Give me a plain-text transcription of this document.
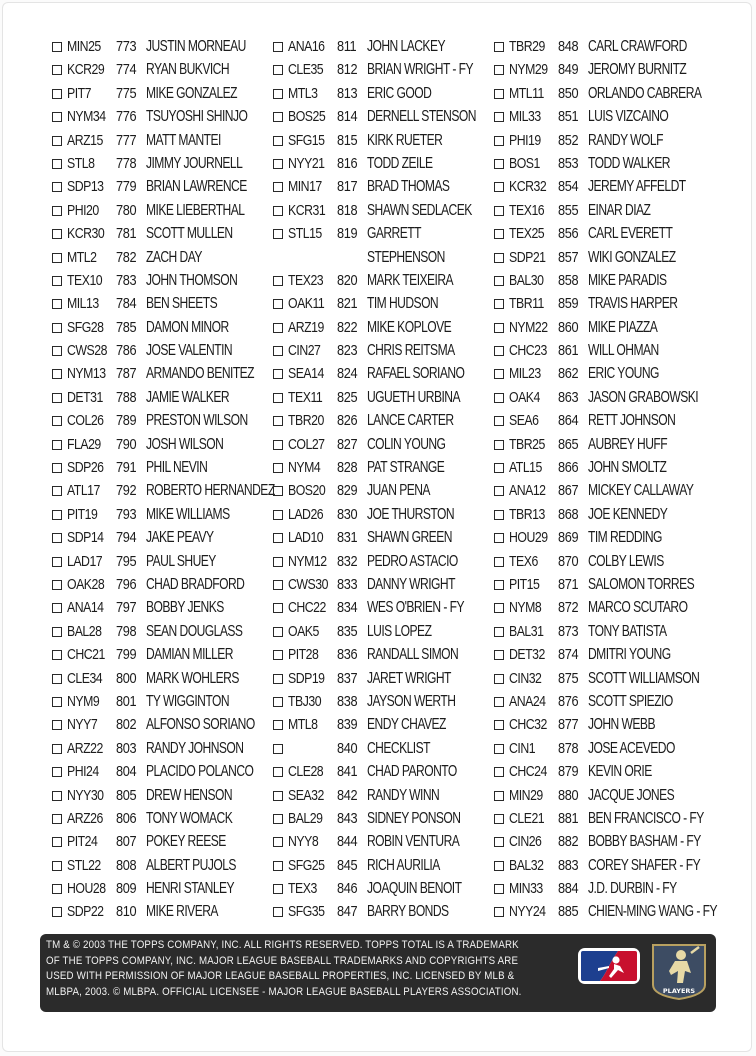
MIN25 773 JUSTIN MORNEAU
KCR29 774 RYAN BUKVICH
PIT7 775 MIKE GONZALEZ
NYM34 776 TSUYOSHI SHINJO
ARZ15 777 MATT MANTEI
STL8 778 JIMMY JOURNELL
SDP13 779 BRIAN LAWRENCE
PHI20 780 MIKE LIEBERTHAL
KCR30 781 SCOTT MULLEN
MTL2 782 ZACH DAY
TEX10 783 JOHN THOMSON
MIL13 784 BEN SHEETS
SFG28 785 DAMON MINOR
CWS28 786 JOSE VALENTIN
NYM13 787 ARMANDO BENITEZ
DET31 788 JAMIE WALKER
COL26 789 PRESTON WILSON
FLA29 790 JOSH WILSON
SDP26 791 PHIL NEVIN
ATL17 792 ROBERTO HERNANDEZ
PIT19 793 MIKE WILLIAMS
SDP14 794 JAKE PEAVY
LAD17 795 PAUL SHUEY
OAK28 796 CHAD BRADFORD
ANA14 797 BOBBY JENKS
BAL28 798 SEAN DOUGLASS
CHC21 799 DAMIAN MILLER
CLE34 800 MARK WOHLERS
NYM9 801 TY WIGGINTON
NYY7 802 ALFONSO SORIANO
ARZ22 803 RANDY JOHNSON
PHI24 804 PLACIDO POLANCO
NYY30 805 DREW HENSON
ARZ26 806 TONY WOMACK
PIT24 807 POKEY REESE
STL22 808 ALBERT PUJOLS
HOU28 809 HENRI STANLEY
SDP22 810 MIKE RIVERA
ANA16 811 JOHN LACKEY
CLE35 812 BRIAN WRIGHT - FY
MTL3 813 ERIC GOOD
BOS25 814 DERNELL STENSON
SFG15 815 KIRK RUETER
NYY21 816 TODD ZEILE
MIN17 817 BRAD THOMAS
KCR31 818 SHAWN SEDLACEK
STL15 819 GARRETT
STEPHENSON
TEX23 820 MARK TEIXEIRA
OAK11 821 TIM HUDSON
ARZ19 822 MIKE KOPLOVE
CIN27 823 CHRIS REITSMA
SEA14 824 RAFAEL SORIANO
TEX11 825 UGUETH URBINA
TBR20 826 LANCE CARTER
COL27 827 COLIN YOUNG
NYM4 828 PAT STRANGE
BOS20 829 JUAN PENA
LAD26 830 JOE THURSTON
LAD10 831 SHAWN GREEN
NYM12 832 PEDRO ASTACIO
CWS30 833 DANNY WRIGHT
CHC22 834 WES O'BRIEN - FY
OAK5 835 LUIS LOPEZ
PIT28 836 RANDALL SIMON
SDP19 837 JARET WRIGHT
TBJ30 838 JAYSON WERTH
MTL8 839 ENDY CHAVEZ
840 CHECKLIST
CLE28 841 CHAD PARONTO
SEA32 842 RANDY WINN
BAL29 843 SIDNEY PONSON
NYY8 844 ROBIN VENTURA
SFG25 845 RICH AURILIA
TEX3 846 JOAQUIN BENOIT
SFG35 847 BARRY BONDS
TBR29 848 CARL CRAWFORD
NYM29 849 JEROMY BURNITZ
MTL11 850 ORLANDO CABRERA
MIL33 851 LUIS VIZCAINO
PHI19 852 RANDY WOLF
BOS1 853 TODD WALKER
KCR32 854 JEREMY AFFELDT
TEX16 855 EINAR DIAZ
TEX25 856 CARL EVERETT
SDP21 857 WIKI GONZALEZ
BAL30 858 MIKE PARADIS
TBR11 859 TRAVIS HARPER
NYM22 860 MIKE PIAZZA
CHC23 861 WILL OHMAN
MIL23 862 ERIC YOUNG
OAK4 863 JASON GRABOWSKI
SEA6 864 RETT JOHNSON
TBR25 865 AUBREY HUFF
ATL15 866 JOHN SMOLTZ
ANA12 867 MICKEY CALLAWAY
TBR13 868 JOE KENNEDY
HOU29 869 TIM REDDING
TEX6 870 COLBY LEWIS
PIT15 871 SALOMON TORRES
NYM8 872 MARCO SCUTARO
BAL31 873 TONY BATISTA
DET32 874 DMITRI YOUNG
CIN32 875 SCOTT WILLIAMSON
ANA24 876 SCOTT SPIEZIO
CHC32 877 JOHN WEBB
CIN1 878 JOSE ACEVEDO
CHC24 879 KEVIN ORIE
MIN29 880 JACQUE JONES
CLE21 881 BEN FRANCISCO - FY
CIN26 882 BOBBY BASHAM - FY
BAL32 883 COREY SHAFER - FY
MIN33 884 J.D. DURBIN - FY
NYY24 885 CHIEN-MING WANG - FY
TM & © 2003 THE TOPPS COMPANY, INC. ALL RIGHTS RESERVED. TOPPS TOTAL IS A TRADEMARK
OF THE TOPPS COMPANY, INC. MAJOR LEAGUE BASEBALL TRADEMARKS AND COPYRIGHTS ARE
USED WITH PERMISSION OF MAJOR LEAGUE BASEBALL PROPERTIES, INC. LICENSED BY MLB &
MLBPA, 2003. © MLBPA. OFFICIAL LICENSEE - MAJOR LEAGUE BASEBALL PLAYERS ASSOCIATION.	PLAYERS
